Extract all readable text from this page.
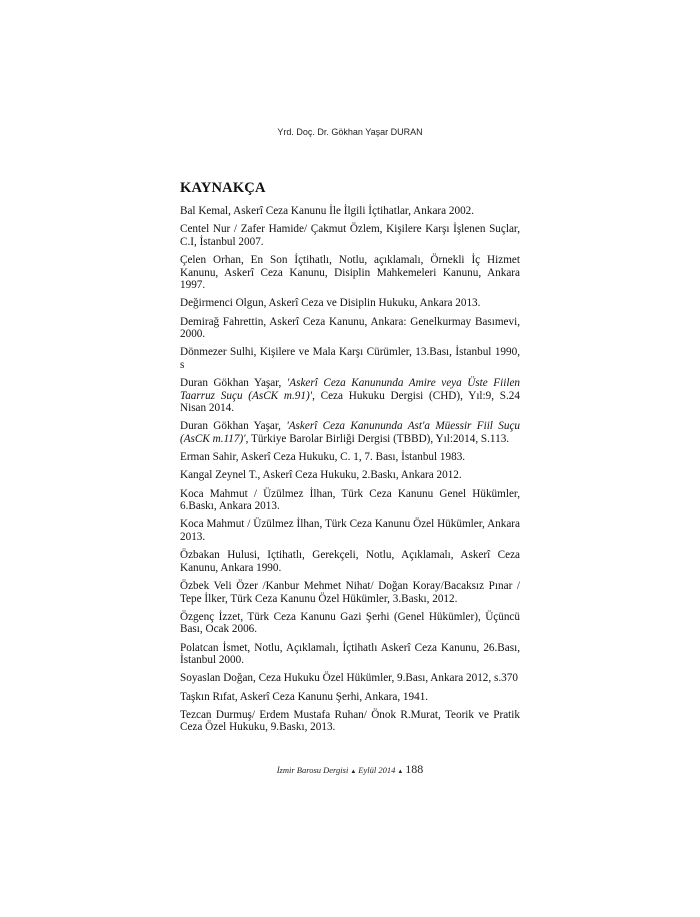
Yrd. Doç. Dr. Gökhan Yaşar DURAN
KAYNAKÇA

Bal Kemal, Askerî Ceza Kanunu İle İlgili İçtihatlar, Ankara 2002.

Centel Nur / Zafer Hamide/ Çakmut Özlem, Kişilere Karşı İşlenen Suçlar, C.I, İstanbul 2007.

Çelen Orhan, En Son İçtihatlı, Notlu, açıklamalı, Örnekli İç Hizmet Kanunu, Askerî Ceza Kanunu, Disiplin Mahkemeleri Kanunu, Ankara 1997.

Değirmenci Olgun, Askerî Ceza ve Disiplin Hukuku, Ankara 2013.

Demirağ Fahrettin, Askerî Ceza Kanunu, Ankara: Genelkurmay Basımevi, 2000.

Dönmezer Sulhi, Kişilere ve Mala Karşı Cürümler, 13.Bası, İstanbul 1990, s

Duran Gökhan Yaşar, 'Askerî Ceza Kanununda Amire veya Üste Fiilen Taarruz Suçu (AsCK m.91)', Ceza Hukuku Dergisi (CHD), Yıl:9, S.24 Nisan 2014.

Duran Gökhan Yaşar, 'Askerî Ceza Kanununda Ast'a Müessir Fiil Suçu (AsCK m.117)', Türkiye Barolar Birliği Dergisi (TBBD), Yıl:2014, S.113.

Erman Sahir, Askerî Ceza Hukuku, C. 1, 7. Bası, İstanbul 1983.

Kangal Zeynel T., Askerî Ceza Hukuku, 2.Baskı, Ankara 2012.

Koca Mahmut / Üzülmez İlhan, Türk Ceza Kanunu Genel Hükümler, 6.Baskı, Ankara 2013.

Koca Mahmut / Üzülmez İlhan, Türk Ceza Kanunu Özel Hükümler, Ankara 2013.

Özbakan Hulusi, Içtihatlı, Gerekçeli, Notlu, Açıklamalı, Askerî Ceza Kanunu, Ankara 1990.

Özbek Veli Özer /Kanbur Mehmet Nihat/ Doğan Koray/Bacaksız Pınar / Tepe İlker, Türk Ceza Kanunu Özel Hükümler, 3.Baskı, 2012.

Özgenç İzzet, Türk Ceza Kanunu Gazi Şerhi (Genel Hükümler), Üçüncü Bası, Ocak 2006.

Polatcan İsmet, Notlu, Açıklamalı, İçtihatlı Askerî Ceza Kanunu, 26.Bası, İstanbul 2000.

Soyaslan Doğan, Ceza Hukuku Özel Hükümler, 9.Bası, Ankara 2012, s.370

Taşkın Rıfat, Askerî Ceza Kanunu Şerhi, Ankara, 1941.

Tezcan Durmuş/ Erdem Mustafa Ruhan/ Önok R.Murat, Teorik ve Pratik Ceza Özel Hukuku, 9.Baskı, 2013.

İzmir Barosu Dergisi ▲ Eylül 2014 ▲ 188
